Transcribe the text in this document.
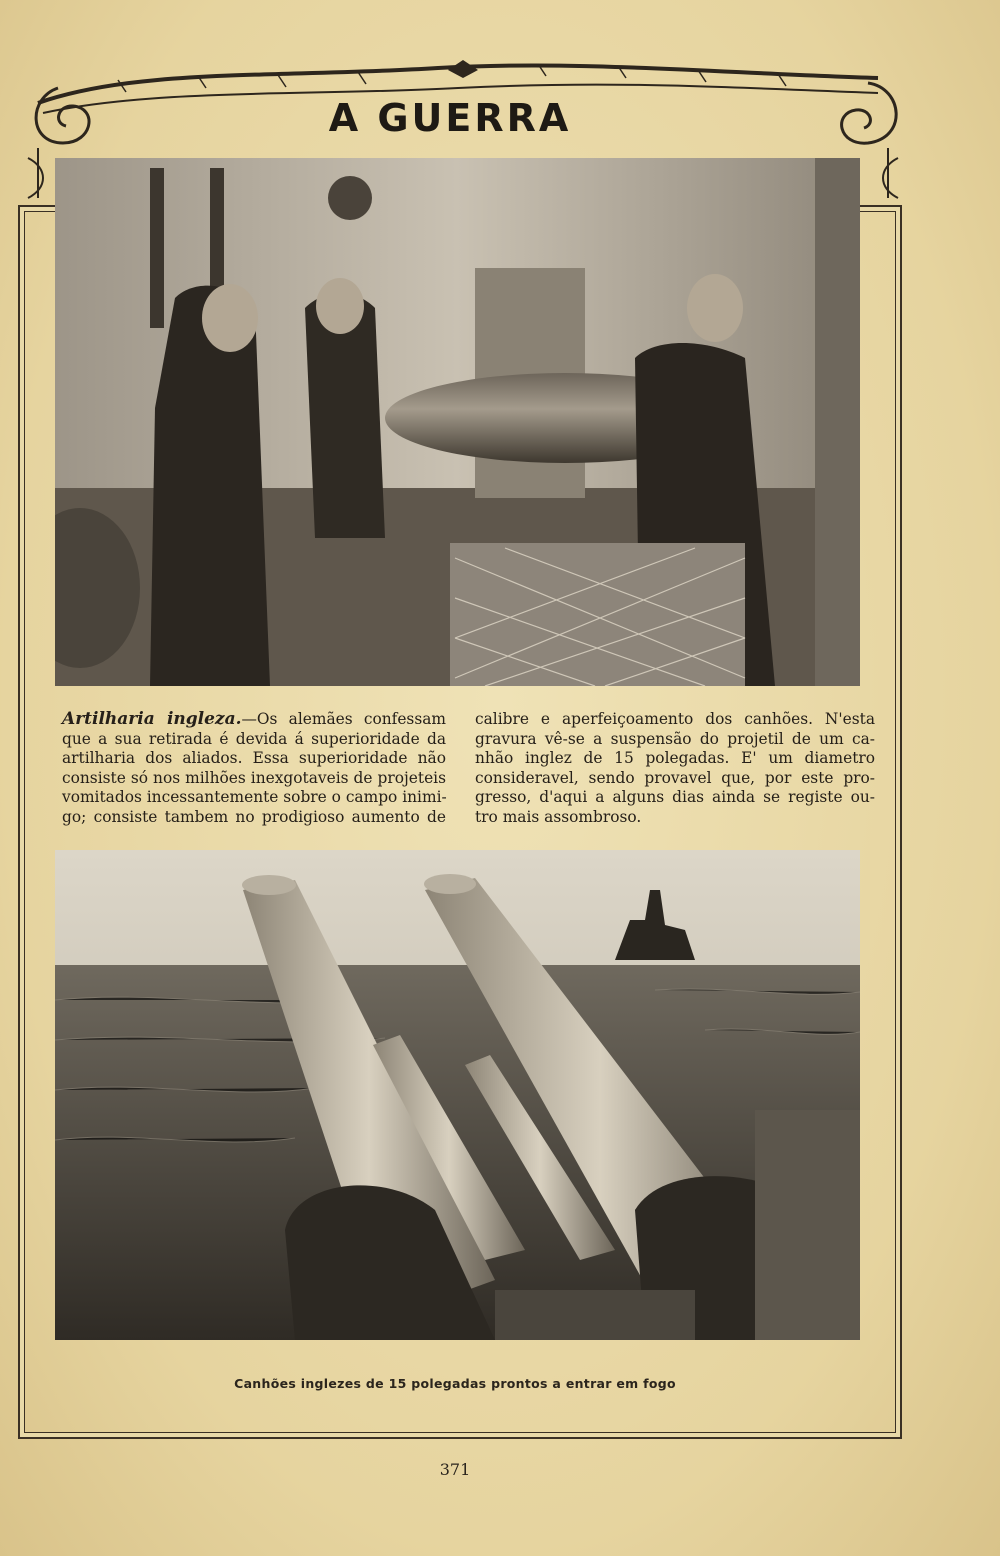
A GUERRA
Artilharia ingleza.—Os alemães confessam
que a sua retirada é devida á superioridade da
artilharia dos aliados. Essa superioridade não
consiste só nos milhões inexgotaveis de projeteis
vomitados incessantemente sobre o campo inimi-
go; consiste tambem no prodigioso aumento de
calibre e aperfeiçoamento dos canhões. N'esta
gravura vê-se a suspensão do projetil de um ca-
nhão inglez de 15 polegadas. E' um diametro
consideravel, sendo provavel que, por este pro-
gresso, d'aqui a alguns dias ainda se registe ou-
tro mais assombroso.
Canhões inglezes de 15 polegadas prontos a entrar em fogo
371
